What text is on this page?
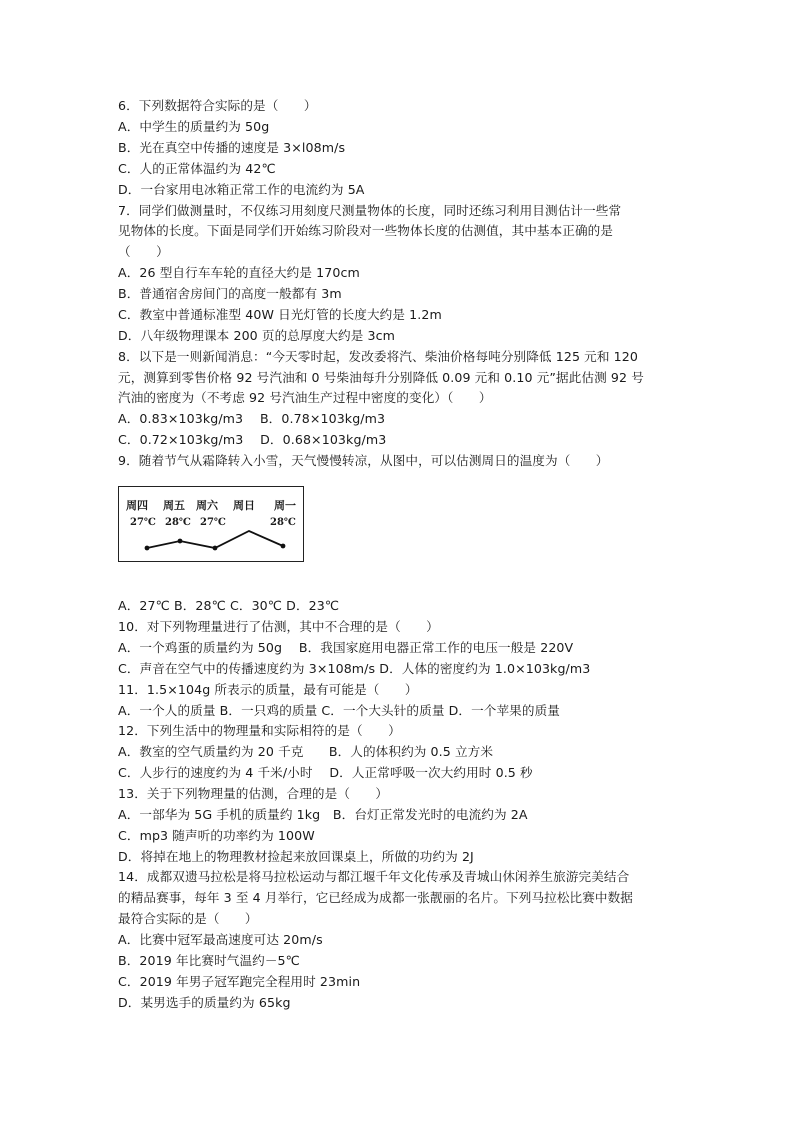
6．下列数据符合实际的是（　　）
A．中学生的质量约为 50g
B．光在真空中传播的速度是 3×l08m/s
C．人的正常体温约为 42℃
D．一台家用电冰箱正常工作的电流约为 5A
7．同学们做测量时，不仅练习用刻度尺测量物体的长度，同时还练习利用目测估计一些常
见物体的长度。下面是同学们开始练习阶段对一些物体长度的估测值，其中基本正确的是
（　　）
A．26 型自行车车轮的直径大约是 170cm
B．普通宿舍房间门的高度一般都有 3m
C．教室中普通标准型 40W 日光灯管的长度大约是 1.2m
D．八年级物理课本 200 页的总厚度大约是 3cm
8．以下是一则新闻消息：“今天零时起，发改委将汽、柴油价格每吨分别降低 125 元和 120
元，测算到零售价格 92 号汽油和 0 号柴油每升分别降低 0.09 元和 0.10 元”据此估测 92 号
汽油的密度为（不考虑 92 号汽油生产过程中密度的变化）（　　）
A．0.83×103kg/m3　 B．0.78×103kg/m3
C．0.72×103kg/m3　 D．0.68×103kg/m3
9．随着节气从霜降转入小雪，天气慢慢转凉，从图中，可以估测周日的温度为（　　）
周四 周五 周六 周日 周一
27℃ 28℃ 27℃	28℃
A．27℃ B．28℃ C．30℃ D．23℃
10．对下列物理量进行了估测，其中不合理的是（　　）
A．一个鸡蛋的质量约为 50g　 B．我国家庭用电器正常工作的电压一般是 220V
C．声音在空气中的传播速度约为 3×108m/s D．人体的密度约为 1.0×103kg/m3
11．1.5×104g 所表示的质量，最有可能是（　　）
A．一个人的质量 B．一只鸡的质量 C．一个大头针的质量 D．一个苹果的质量
12．下列生活中的物理量和实际相符的是（　　）
A．教室的空气质量约为 20 千克　　B．人的体积约为 0.5 立方米
C．人步行的速度约为 4 千米/小时　 D．人正常呼吸一次大约用时 0.5 秒
13．关于下列物理量的估测，合理的是（　　）
A．一部华为 5G 手机的质量约 1kg　B．台灯正常发光时的电流约为 2A
C．mp3 随声听的功率约为 100W
D．将掉在地上的物理教材捡起来放回课桌上，所做的功约为 2J
14．成都双遗马拉松是将马拉松运动与都江堰千年文化传承及青城山休闲养生旅游完美结合
的精品赛事，每年 3 至 4 月举行，它已经成为成都一张靓丽的名片。下列马拉松比赛中数据
最符合实际的是（　　）
A．比赛中冠军最高速度可达 20m/s
B．2019 年比赛时气温约－5℃
C．2019 年男子冠军跑完全程用时 23min
D．某男选手的质量约为 65kg
